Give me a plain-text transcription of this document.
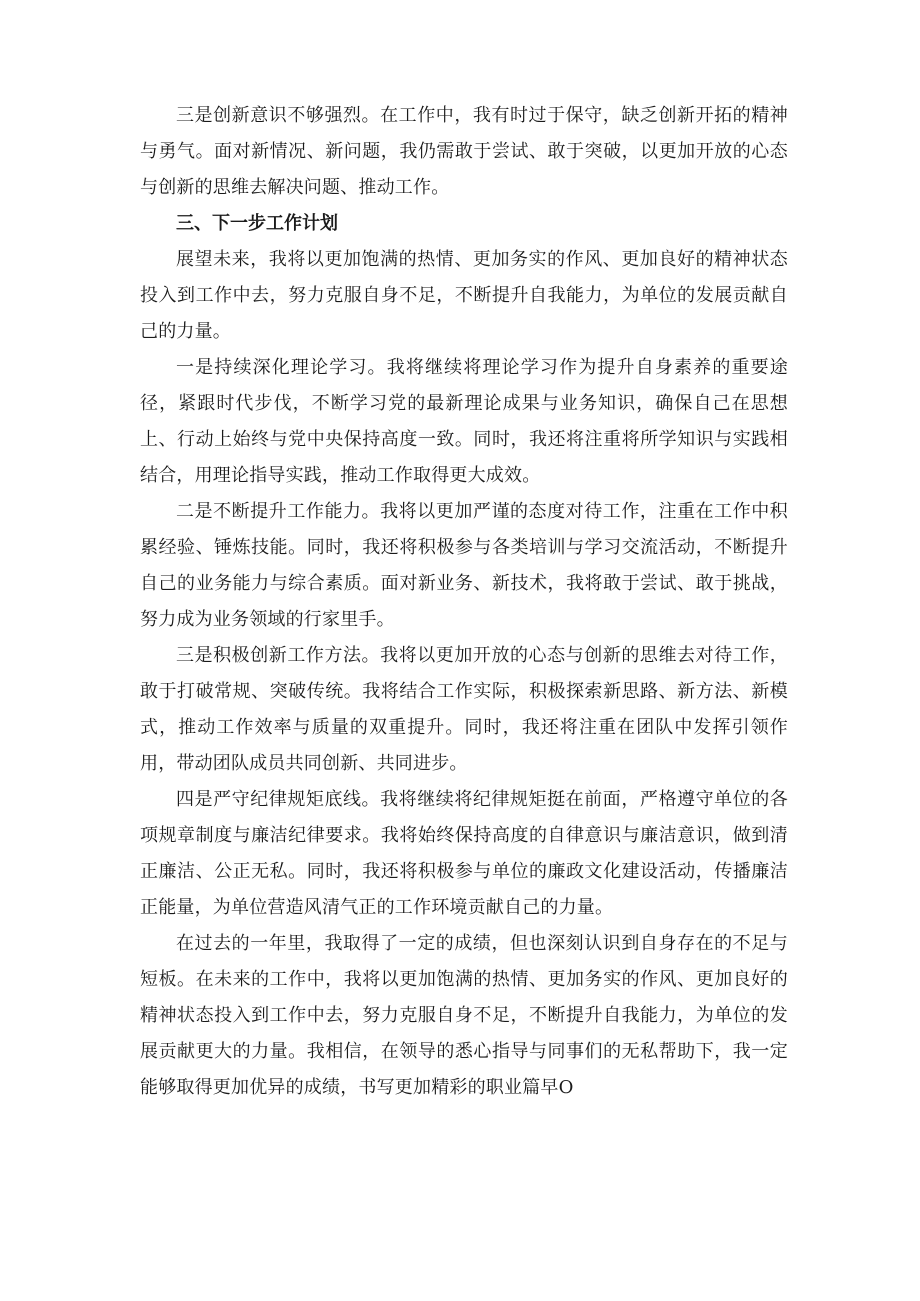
三是创新意识不够强烈。在工作中，我有时过于保守，缺乏创新开拓的精神与勇气。面对新情况、新问题，我仍需敢于尝试、敢于突破，以更加开放的心态与创新的思维去解决问题、推动工作。

三、下一步工作计划

展望未来，我将以更加饱满的热情、更加务实的作风、更加良好的精神状态投入到工作中去，努力克服自身不足，不断提升自我能力，为单位的发展贡献自己的力量。

一是持续深化理论学习。我将继续将理论学习作为提升自身素养的重要途径，紧跟时代步伐，不断学习党的最新理论成果与业务知识，确保自己在思想上、行动上始终与党中央保持高度一致。同时，我还将注重将所学知识与实践相结合，用理论指导实践，推动工作取得更大成效。

二是不断提升工作能力。我将以更加严谨的态度对待工作，注重在工作中积累经验、锤炼技能。同时，我还将积极参与各类培训与学习交流活动，不断提升自己的业务能力与综合素质。面对新业务、新技术，我将敢于尝试、敢于挑战，努力成为业务领域的行家里手。

三是积极创新工作方法。我将以更加开放的心态与创新的思维去对待工作，敢于打破常规、突破传统。我将结合工作实际，积极探索新思路、新方法、新模式，推动工作效率与质量的双重提升。同时，我还将注重在团队中发挥引领作用，带动团队成员共同创新、共同进步。

四是严守纪律规矩底线。我将继续将纪律规矩挺在前面，严格遵守单位的各项规章制度与廉洁纪律要求。我将始终保持高度的自律意识与廉洁意识，做到清正廉洁、公正无私。同时，我还将积极参与单位的廉政文化建设活动，传播廉洁正能量，为单位营造风清气正的工作环境贡献自己的力量。

在过去的一年里，我取得了一定的成绩，但也深刻认识到自身存在的不足与短板。在未来的工作中，我将以更加饱满的热情、更加务实的作风、更加良好的精神状态投入到工作中去，努力克服自身不足，不断提升自我能力，为单位的发展贡献更大的力量。我相信，在领导的悉心指导与同事们的无私帮助下，我一定能够取得更加优异的成绩，书写更加精彩的职业篇早O
